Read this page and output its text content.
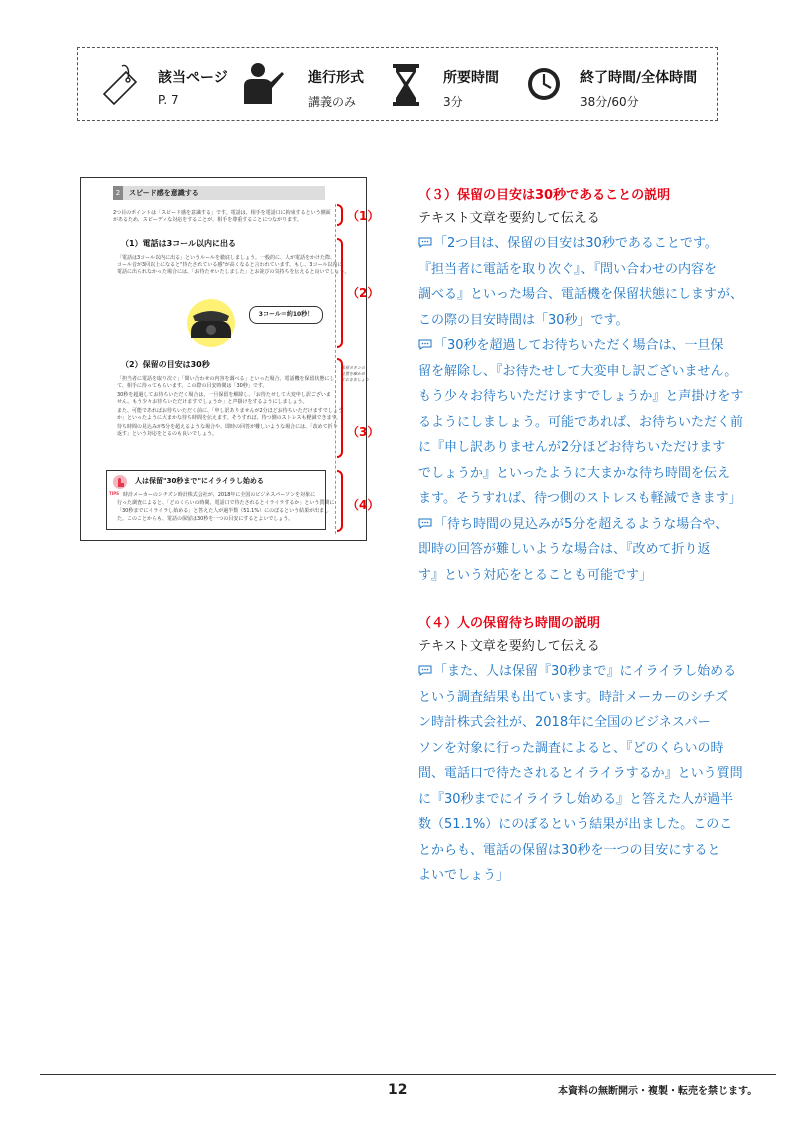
該当ページ
P. 7
進行形式
講義のみ
所要時間
3分
終了時間/全体時間
38分/60分
2	スピード感を意識する
2つ目のポイントは「スピード感を意識する」です。電話は、相手を電話口に拘束するという側面
があるため、スピーディな対応をすることが、相手を尊重することにつながります。
（1）電話は3コール以内に出る
「電話は3コール以内に出る」というルールを徹底しましょう。一般的に、人が電話をかけた際、
コール音が3回以上になると"待たされている感"が高くなると言われています。もし、3コール以内に
電話に出られなかった場合には、「お待たせいたしました」とお詫びの気持ちを伝えると良いでしょう。
3コール＝約10秒！
（2）保留の目安は30秒
「担当者に電話を取り次ぐ」「問い合わせの内容を調べる」といった場合、電話機を保留状態にし
て、相手に待ってもらいます。この際の目安時間は「30秒」です。
30秒を超過してお待ちいただく場合は、一旦保留を解除し、「お待たせして大変申し訳ございま
せん。もう少々お待ちいただけますでしょうか」と声掛けをするようにしましょう。
また、可能であればお待ちいただく前に、「申し訳ありませんが2分ほどお待ちいただけますでしょう
か」といったように大まかな待ち時間を伝えます。そうすれば、待つ側のストレスも軽減できます。
待ち時間の見込みが5分を超えるような場合や、即時の回答が難しいような場合には、「改めて折り
返す」という対応をとるのも良いでしょう。
保留ボタンの
位置を確かめ
ておきましょう
TIPS
人は保留"30秒まで"にイライラし始める
時計メーカーのシチズン時計株式会社が、2018年に全国のビジネスパーソンを対象に
行った調査によると、「どのくらいの時間、電話口で待たされるとイライラするか」という質問に
「30秒までにイライラし始める」と答えた人が過半数（51.1%）にのぼるという結果が出まし
た。このことからも、電話の保留は30秒を一つの目安にするとよいでしょう。
（1）
（2）
（3）
（4）
（３）保留の目安は30秒であることの説明
テキスト文章を要約して伝える

「2つ目は、保留の目安は30秒であることです。
『担当者に電話を取り次ぐ』、『問い合わせの内容を
調べる』といった場合、電話機を保留状態にしますが、
この際の目安時間は「30秒」です。

「30秒を超過してお待ちいただく場合は、一旦保
留を解除し、『お待たせして大変申し訳ございません。
もう少々お待ちいただけますでしょうか』と声掛けをす
るようにしましょう。可能であれば、お待ちいただく前
に『申し訳ありませんが2分ほどお待ちいただけます
でしょうか』といったように大まかな待ち時間を伝え
ます。そうすれば、待つ側のストレスも軽減できます」

「待ち時間の見込みが5分を超えるような場合や、
即時の回答が難しいような場合は、『改めて折り返
す』という対応をとることも可能です」

（４）人の保留待ち時間の説明
テキスト文章を要約して伝える

「また、人は保留『30秒まで』にイライラし始める
という調査結果も出ています。時計メーカーのシチズ
ン時計株式会社が、2018年に全国のビジネスパー
ソンを対象に行った調査によると、『どのくらいの時
間、電話口で待たされるとイライラするか』という質問
に『30秒までにイライラし始める』と答えた人が過半
数（51.1%）にのぼるという結果が出ました。このこ
とからも、電話の保留は30秒を一つの目安にすると
よいでしょう」

12	本資料の無断開示・複製・転売を禁じます。
